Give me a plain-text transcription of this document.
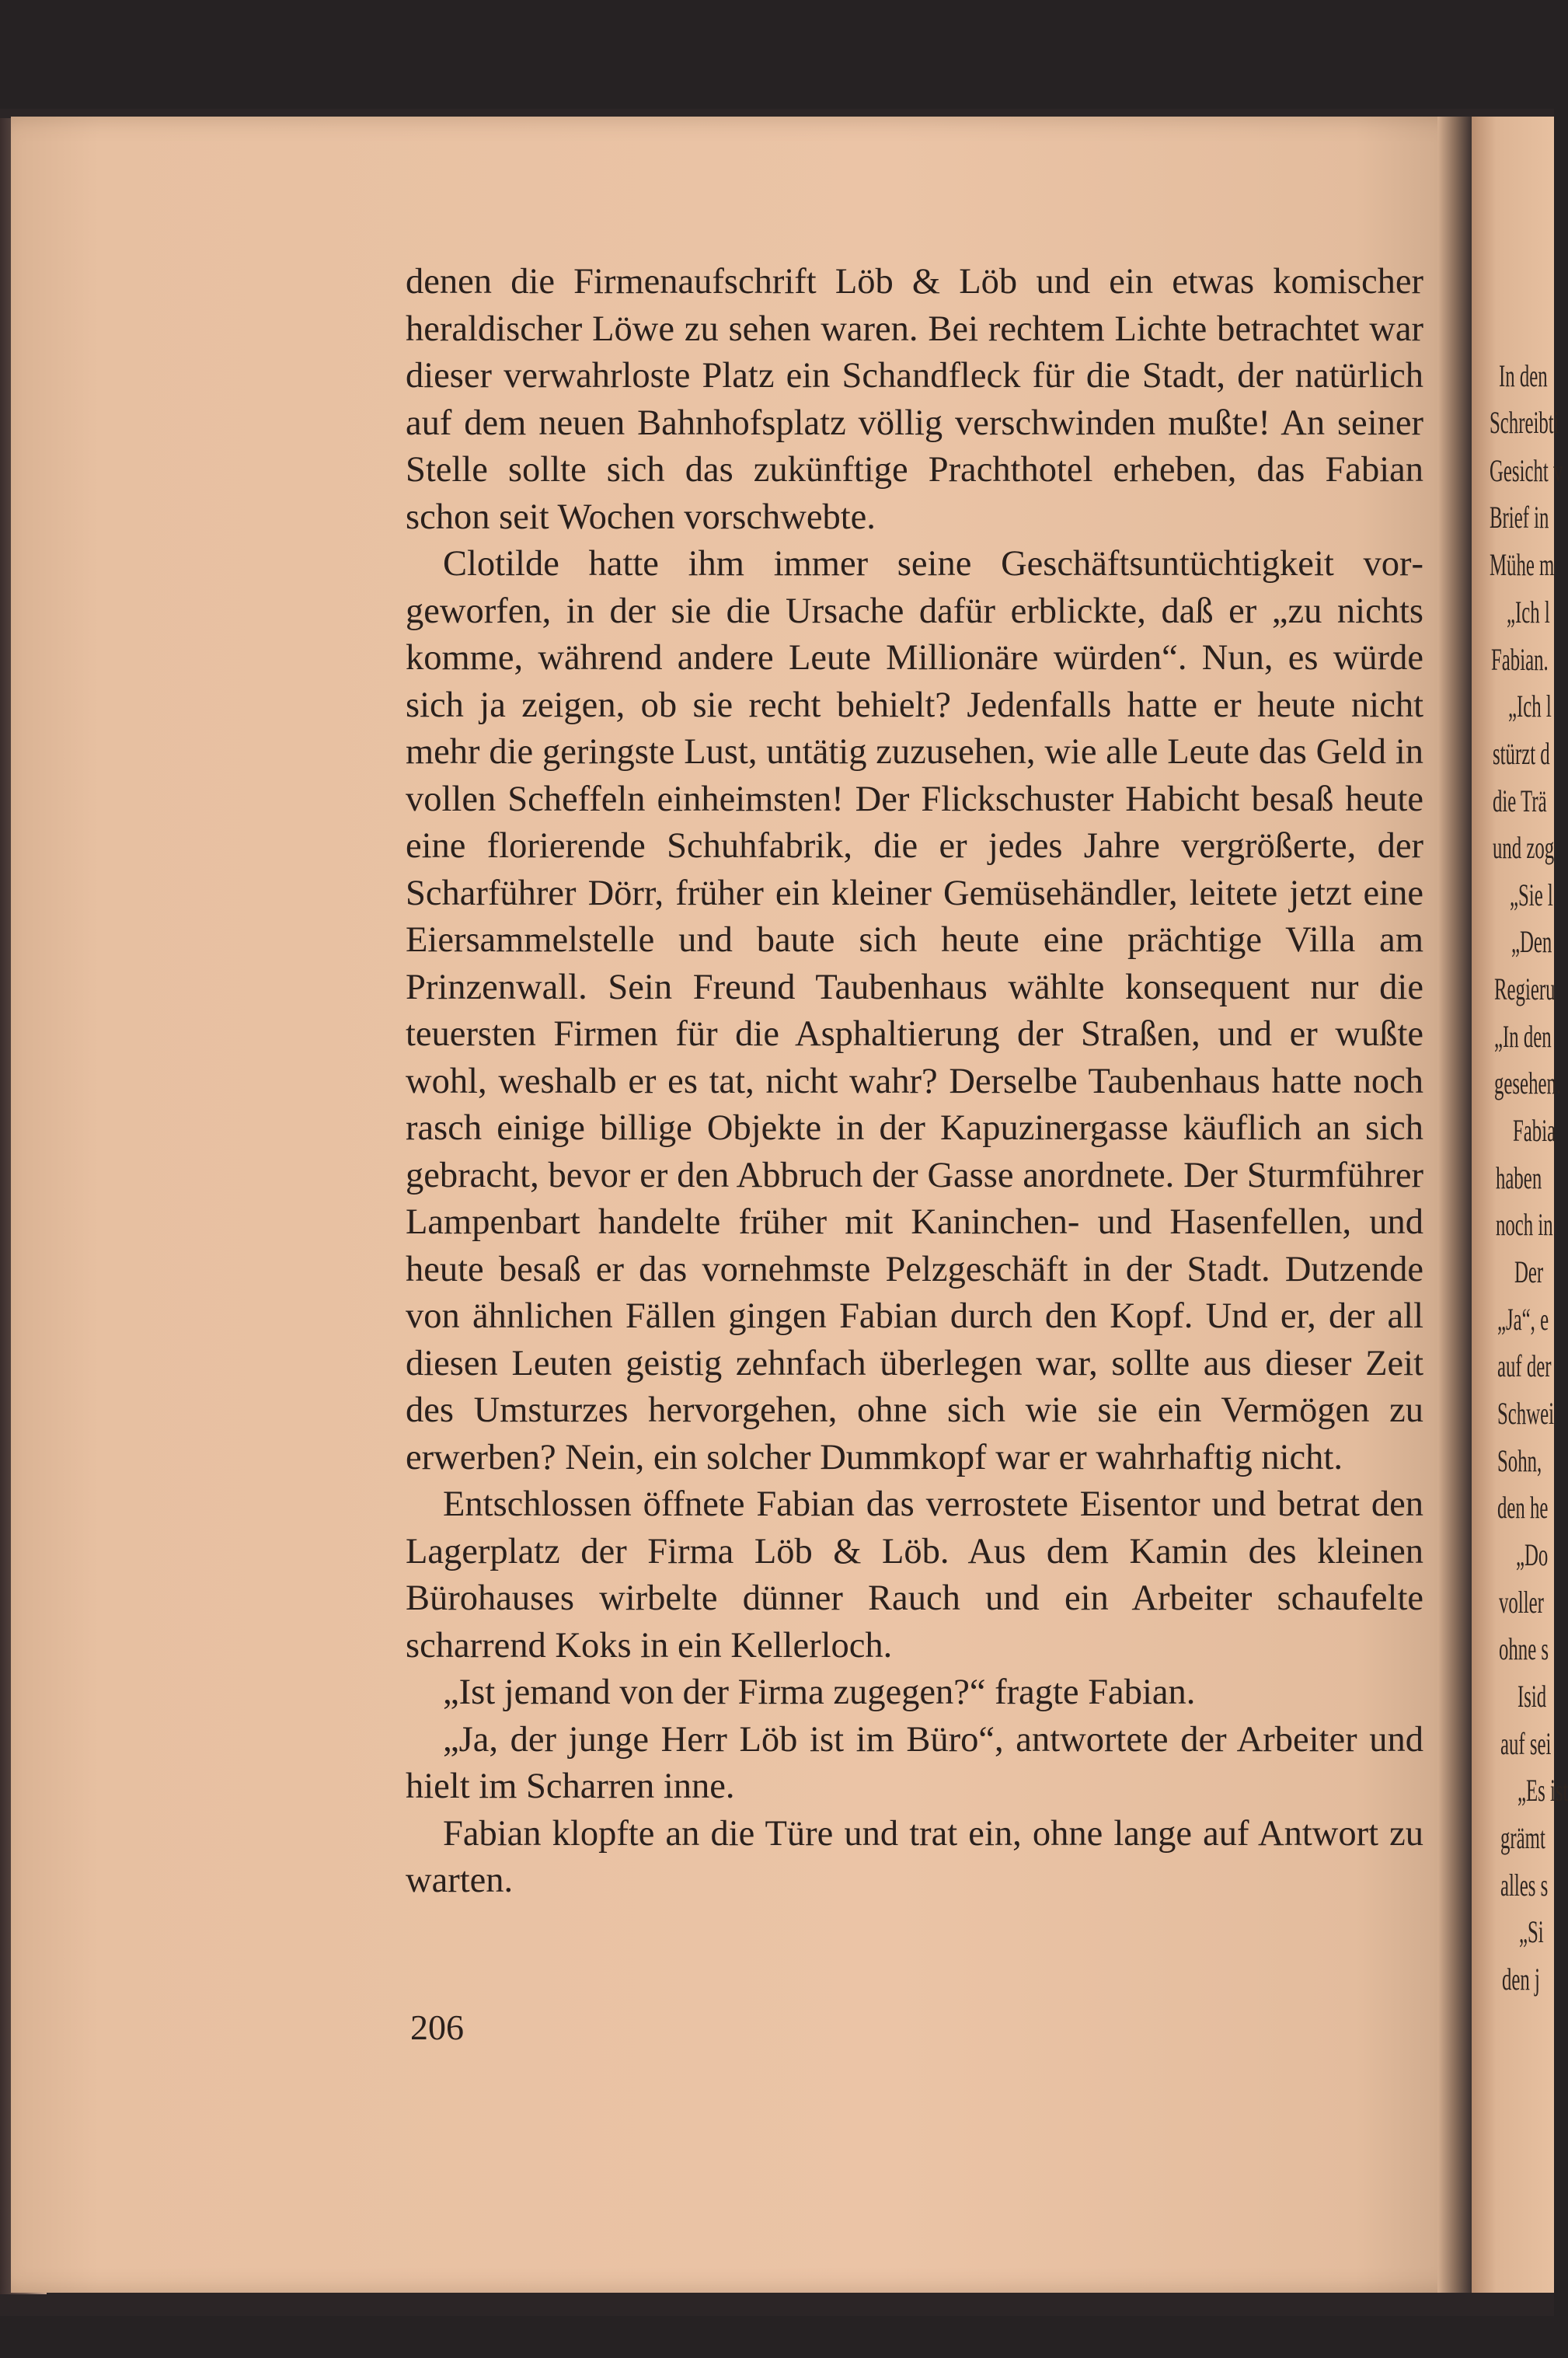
denen die Firmenaufschrift Löb & Löb und ein etwas komischer heraldischer Löwe zu sehen waren. Bei rechtem Lichte betrachtet war dieser verwahrloste Platz ein Schandfleck für die Stadt, der natürlich auf dem neuen Bahnhofsplatz völlig verschwinden mußte! An seiner Stelle sollte sich das zukünftige Prachthotel erheben, das Fabian schon seit Wochen vorschwebte.

Clotilde hatte ihm immer seine Geschäftsuntüchtigkeit vorgeworfen, in der sie die Ursache dafür erblickte, daß er „zu nichts komme, während andere Leute Millionäre würden“. Nun, es würde sich ja zeigen, ob sie recht behielt? Jedenfalls hatte er heute nicht mehr die geringste Lust, untätig zuzusehen, wie alle Leute das Geld in vollen Scheffeln einheimsten! Der Flickschuster Habicht besaß heute eine florierende Schuhfabrik, die er jedes Jahre vergrößerte, der Scharführer Dörr, früher ein kleiner Gemüsehändler, leitete jetzt eine Eiersammelstelle und baute sich heute eine prächtige Villa am Prinzenwall. Sein Freund Taubenhaus wählte konsequent nur die teuersten Firmen für die Asphaltierung der Straßen, und er wußte wohl, weshalb er es tat, nicht wahr? Derselbe Taubenhaus hatte noch rasch einige billige Objekte in der Kapuzinergasse käuflich an sich gebracht, bevor er den Abbruch der Gasse anordnete. Der Sturmführer Lampenbart handelte früher mit Kaninchen- und Hasenfellen, und heute besaß er das vornehmste Pelzgeschäft in der Stadt. Dutzende von ähnlichen Fällen gingen Fabian durch den Kopf. Und er, der all diesen Leuten geistig zehnfach überlegen war, sollte aus dieser Zeit des Umsturzes hervorgehen, ohne sich wie sie ein Vermögen zu erwerben? Nein, ein solcher Dummkopf war er wahrhaftig nicht.

Entschlossen öffnete Fabian das verrostete Eisentor und betrat den Lagerplatz der Firma Löb & Löb. Aus dem Kamin des kleinen Bürohauses wirbelte dünner Rauch und ein Arbeiter schaufelte scharrend Koks in ein Kellerloch.

„Ist jemand von der Firma zugegen?“ fragte Fabian.

„Ja, der junge Herr Löb ist im Büro“, antwortete der Arbeiter und hielt im Scharren inne.

Fabian klopfte an die Türe und trat ein, ohne lange auf Antwort zu warten.

206
In den
Schreibti
Gesicht v
Brief in
Mühe m
„Ich l
Fabian.
„Ich l
stürzt d
die Trä
und zog
„Sie l
„Den
Regieru
„In den
gesehen.
Fabia
haben
noch in
Der
„Ja“, e
auf der
Schwei
Sohn,
den he
„Do
voller
ohne s
Isid
auf sei
„Es ist
grämt
alles s
„Si
den j
